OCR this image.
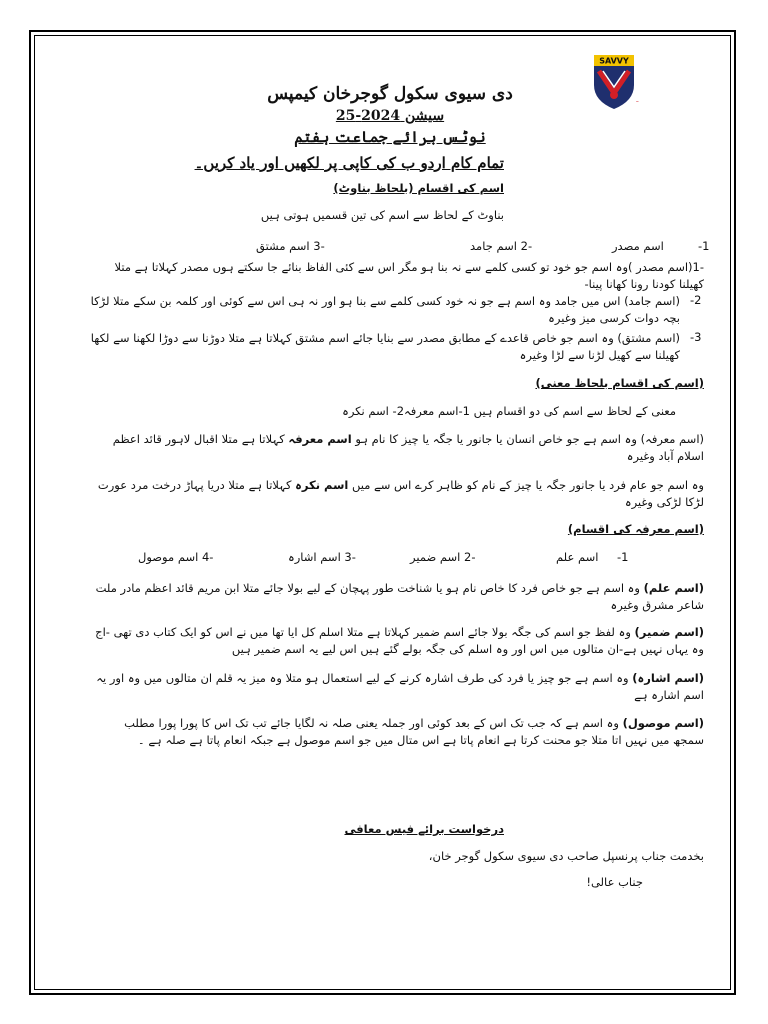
SAVVY
~
دی سیوی سکول گوجرخان کیمپس
سیشن 2024-25
نوٹس برائے جماعت ہفتم
تمام کام اردو ب کی کاپی پر لکھیں اور یاد کریں۔
اسم کی اقسام (بلحاظ بناوٹ)
بناوٹ کے لحاظ سے اسم کی تین قسمیں ہوتی ہیں
-1
اسم مصدر
-2 اسم جامد
-3 اسم مشتق
-1(اسم مصدر )وہ اسم جو خود تو کسی کلمے سے نہ بنا ہو مگر اس سے کئی الفاظ بنائے جا سکتے ہوں مصدر کہلاتا ہے متلا کھیلنا کودنا رونا کھانا پینا-
-2
(اسم جامد) اس میں جامد وہ اسم ہے جو نہ خود کسی کلمے سے بنا ہو اور نہ ہی اس سے کوئی اور کلمہ بن سکے متلا لڑکا بچہ دوات کرسی میز وغیرہ
-3
(اسم مشتق) وہ اسم جو خاص قاعدے کے مطابق مصدر سے بنایا جائے اسم مشتق کہلاتا ہے متلا دوڑنا سے دوڑا لکھنا سے لکھا کھیلنا سے کھیل لڑنا سے لڑا وغیرہ
(اسم کی اقسام بلحاظ معنی)
معنی کے لحاظ سے اسم کی دو اقسام ہیں 1-اسم معرفہ2- اسم نکرہ
(اسم معرفہ) وہ اسم ہے جو خاص انسان یا جانور یا جگہ یا چیز کا نام ہو اسم معرفہ کہلاتا ہے متلا اقبال لاہور قائد اعظم اسلام آباد وغیرہ
وہ اسم جو عام فرد یا جانور جگہ یا چیز کے نام کو ظاہر کرے اس سے میں اسم نکرہ کہلاتا ہے متلا دریا پہاڑ درخت مرد عورت لڑکا لڑکی وغیرہ
(اسم معرفہ کی اقسام)
-1
اسم علم
-2 اسم ضمیر
-3 اسم اشارہ
-4 اسم موصول
(اسم علم) وہ اسم ہے جو خاص فرد کا خاص نام ہو یا شناخت طور پہچان کے لیے بولا جائے متلا ابن مریم قائد اعظم مادر ملت شاعر مشرق وغیرہ
(اسم ضمیر) وہ لفظ جو اسم کی جگہ بولا جائے اسم ضمیر کہلاتا ہے متلا اسلم کل ایا تھا میں نے اس کو ایک کتاب دی تھی -اج وہ یہاں نہیں ہے-ان متالوں میں اس اور وہ اسلم کی جگہ بولے گئے ہیں اس لیے یہ اسم ضمیر ہیں
(اسم اشارہ) وہ اسم ہے جو چیز یا فرد کی طرف اشارہ کرنے کے لیے استعمال ہو متلا وہ میز یہ قلم ان متالوں میں وہ اور یہ اسم اشارہ ہے
(اسم موصول) وہ اسم ہے کہ جب تک اس کے بعد کوئی اور جملہ یعنی صلہ نہ لگایا جائے تب تک اس کا پورا پورا مطلب سمجھ میں نہیں اتا متلا جو محنت کرتا ہے انعام پاتا ہے اس متال میں جو اسم موصول ہے جبکہ انعام پاتا ہے صلہ ہے ۔
درخواست برائے فیس معافی
بخدمت جناب پرنسپل صاحب دی سیوی سکول گوجر خان،
جناب عالی!
